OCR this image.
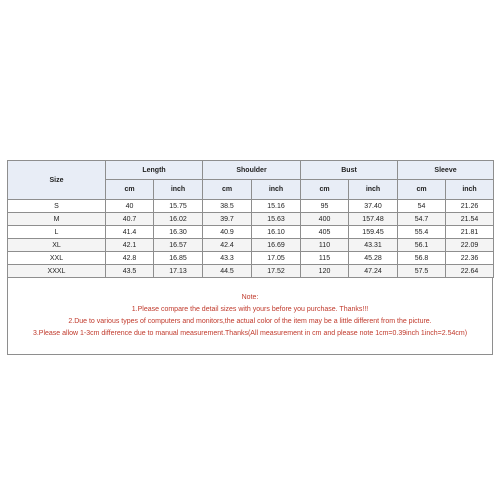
Size	Length		Shoulder		Bust		Sleeve	
	cm	inch	cm	inch	cm	inch	cm	inch
S	40	15.75	38.5	15.16	95	37.40	54	21.26
M	40.7	16.02	39.7	15.63	400	157.48	54.7	21.54
L	41.4	16.30	40.9	16.10	405	159.45	55.4	21.81
XL	42.1	16.57	42.4	16.69	110	43.31	56.1	22.09
XXL	42.8	16.85	43.3	17.05	115	45.28	56.8	22.36
XXXL	43.5	17.13	44.5	17.52	120	47.24	57.5	22.64
Note:
1.Please compare the detail sizes with yours before you purchase. Thanks!!!
2.Due to various types of computers and monitors,the actual color of the item may be a little different from the picture.
3.Please allow 1-3cm difference due to manual measurement.Thanks(All measurement in cm and please note 1cm=0.39inch 1inch=2.54cm)
